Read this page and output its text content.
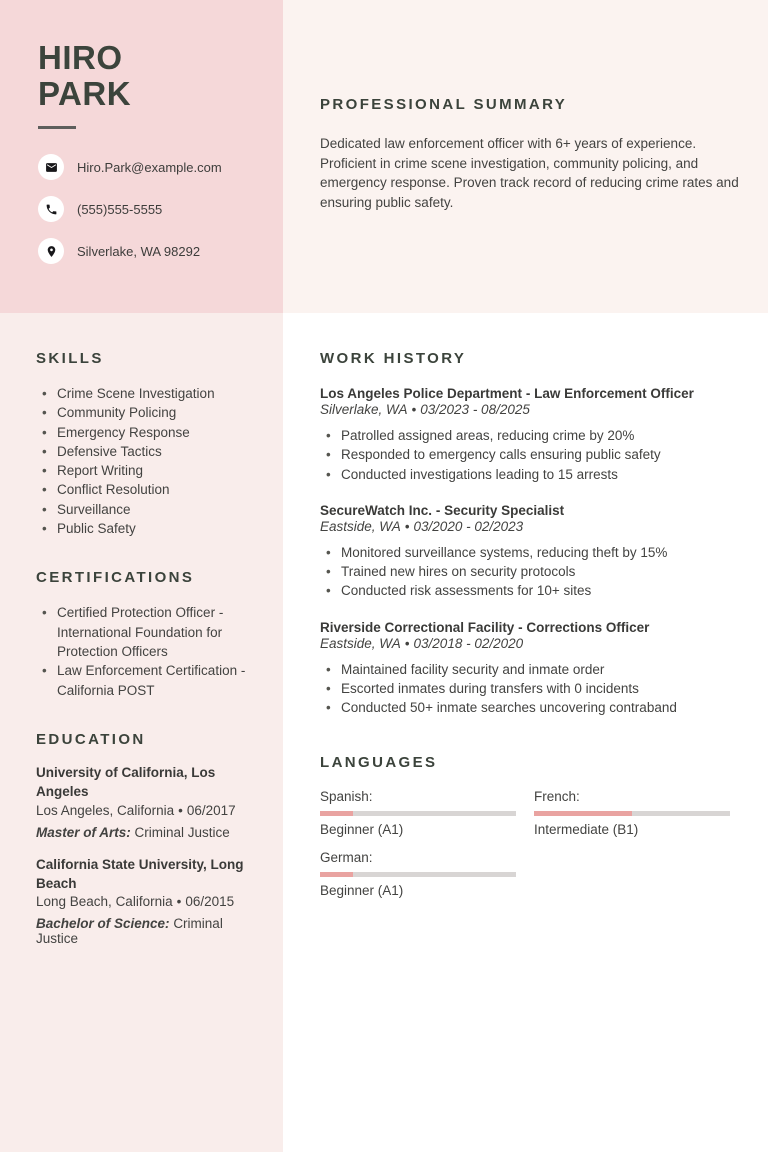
HIRO
PARK
Hiro.Park@example.com
(555)555-5555
Silverlake, WA 98292
PROFESSIONAL SUMMARY

Dedicated law enforcement officer with 6+ years of experience. Proficient in crime scene investigation, community policing, and emergency response. Proven track record of reducing crime rates and ensuring public safety.

SKILLS
• Crime Scene Investigation
• Community Policing
• Emergency Response
• Defensive Tactics
• Report Writing
• Conflict Resolution
• Surveillance
• Public Safety
CERTIFICATIONS
• Certified Protection Officer - International Foundation for Protection Officers
• Law Enforcement Certification - California POST
EDUCATION
University of California, Los Angeles
Los Angeles, California • 06/2017
Master of Arts: Criminal Justice
California State University, Long Beach
Long Beach, California • 06/2015
Bachelor of Science: Criminal Justice
WORK HISTORY
Los Angeles Police Department - Law Enforcement Officer
Silverlake, WA • 03/2023 - 08/2025
• Patrolled assigned areas, reducing crime by 20%
• Responded to emergency calls ensuring public safety
• Conducted investigations leading to 15 arrests
SecureWatch Inc. - Security Specialist
Eastside, WA • 03/2020 - 02/2023
• Monitored surveillance systems, reducing theft by 15%
• Trained new hires on security protocols
• Conducted risk assessments for 10+ sites
Riverside Correctional Facility - Corrections Officer
Eastside, WA • 03/2018 - 02/2020
• Maintained facility security and inmate order
• Escorted inmates during transfers with 0 incidents
• Conducted 50+ inmate searches uncovering contraband
LANGUAGES
Spanish:
Beginner (A1)
French:
Intermediate (B1)
German:
Beginner (A1)
